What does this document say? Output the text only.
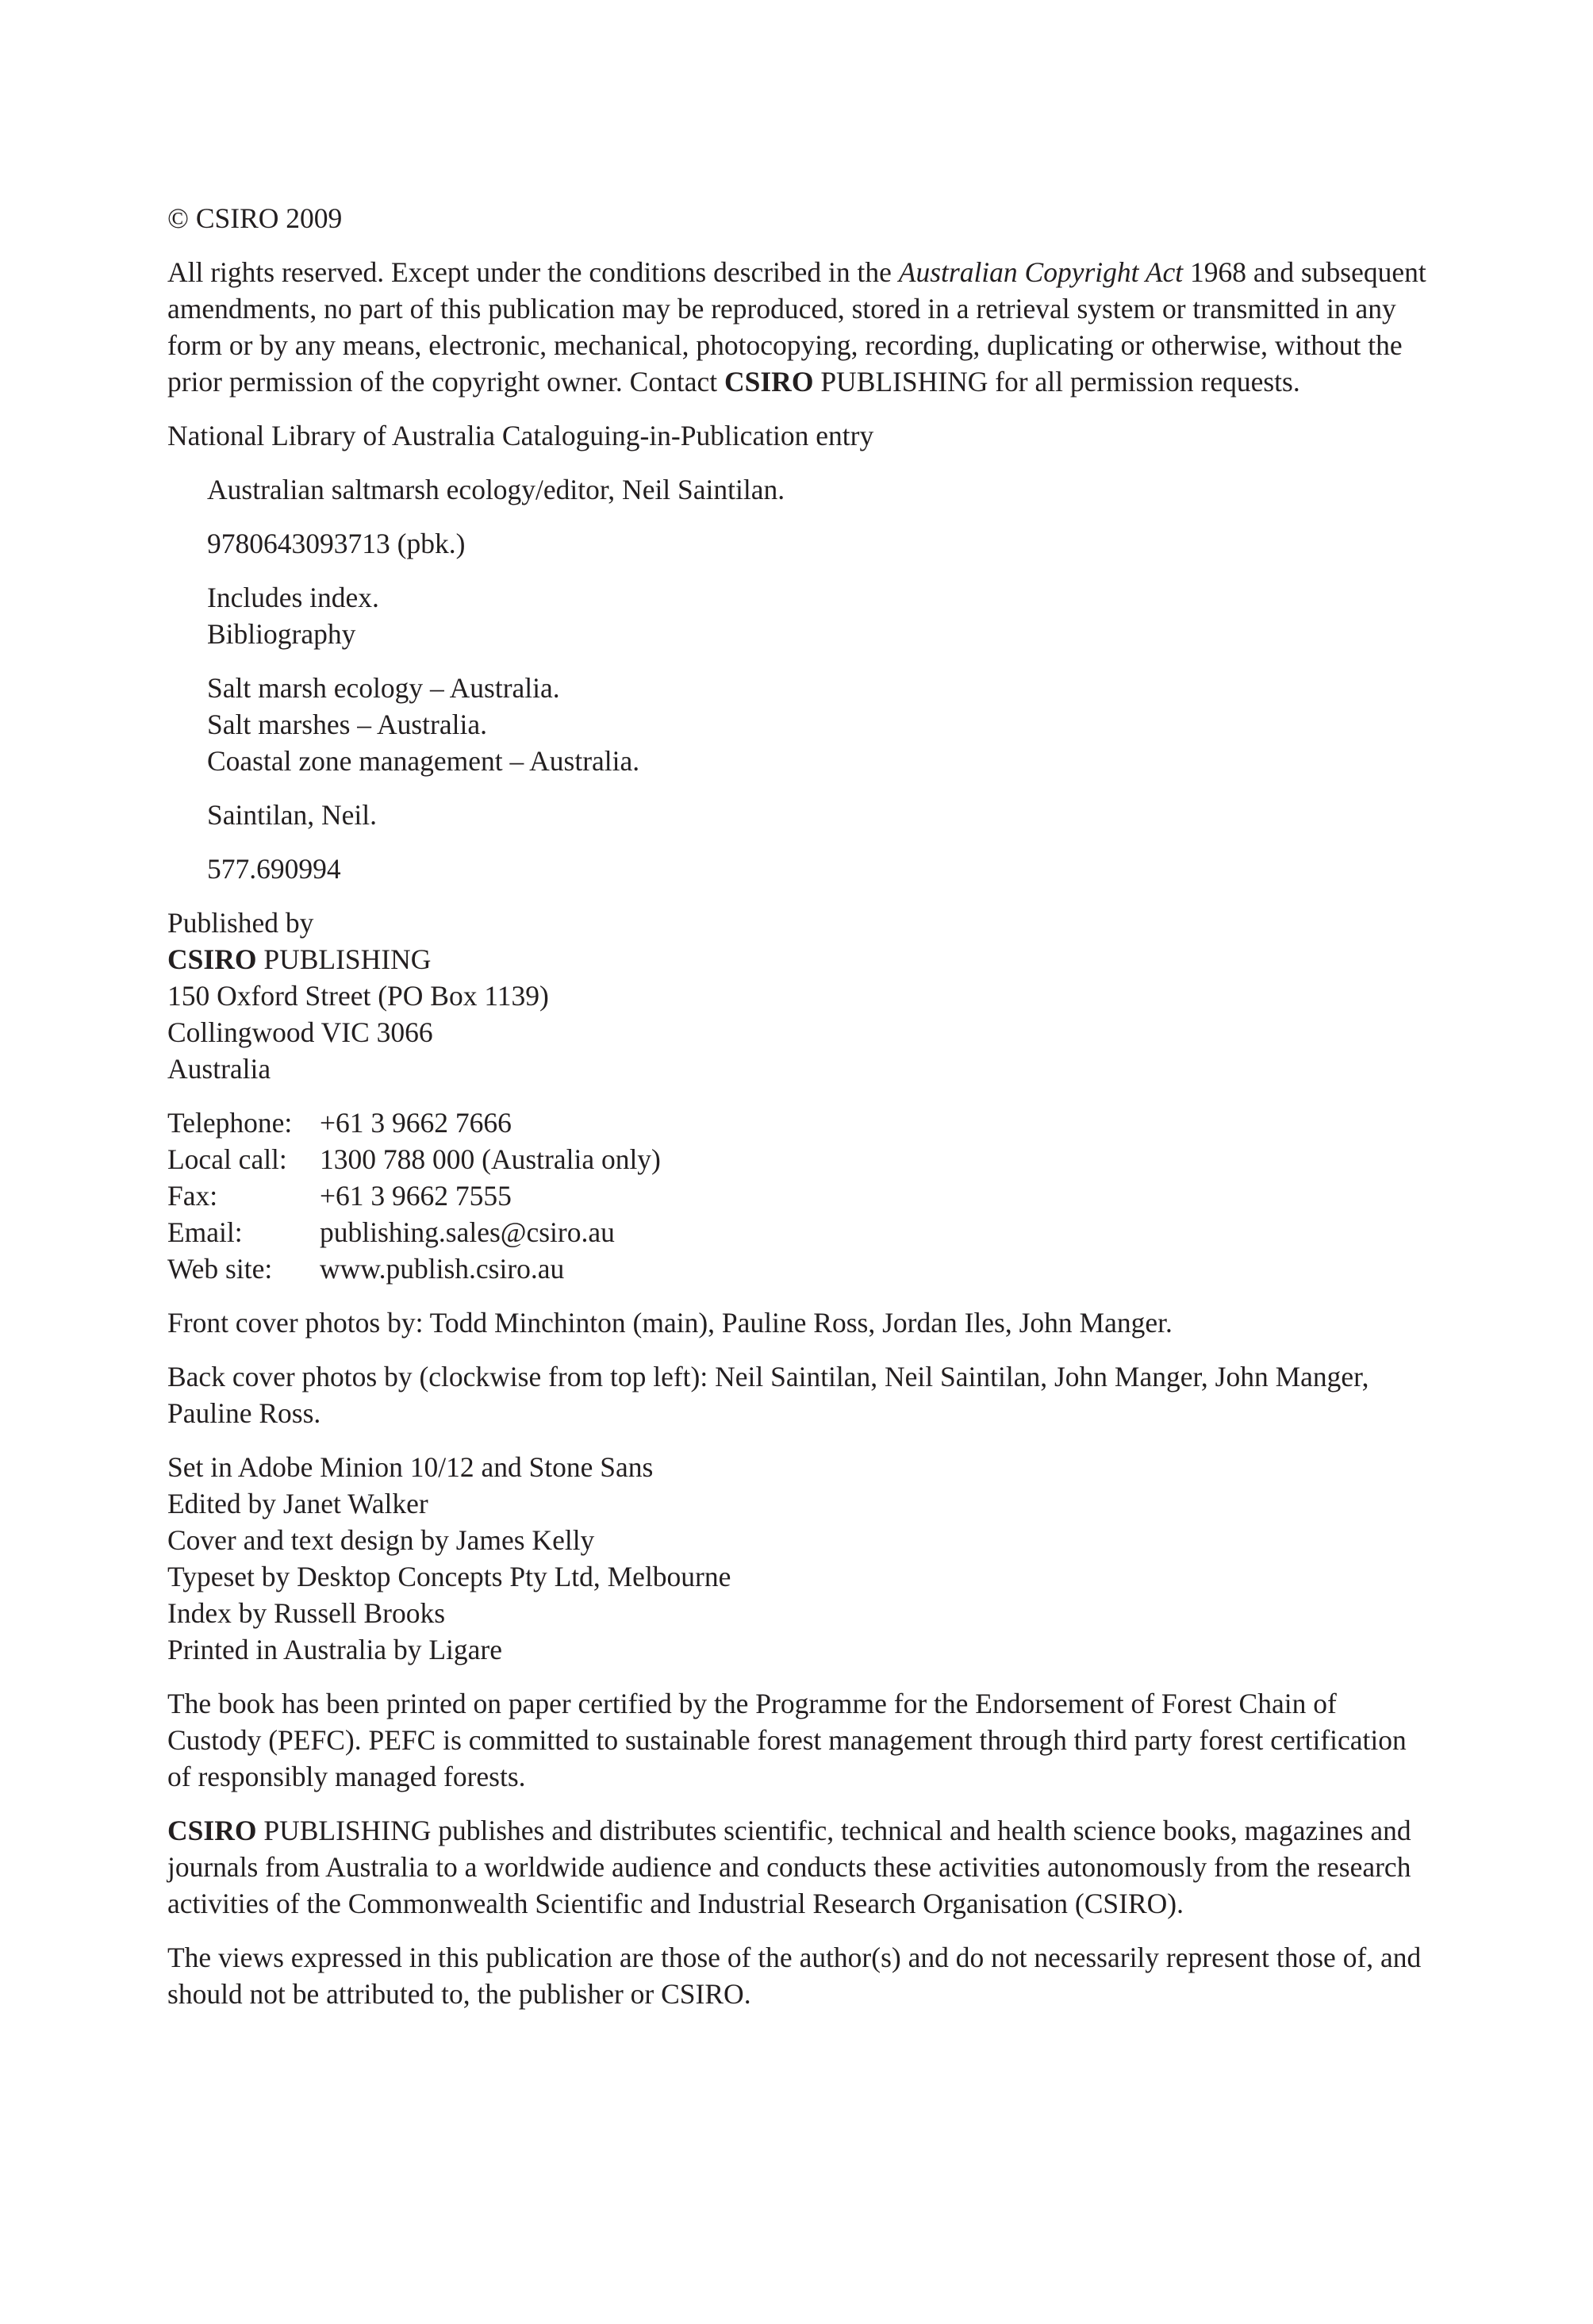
© CSIRO 2009

All rights reserved. Except under the conditions described in the Australian Copyright Act 1968 and subsequent amendments, no part of this publication may be reproduced, stored in a retrieval system or transmitted in any form or by any means, electronic, mechanical, photocopying, recording, duplicating or otherwise, without the prior permission of the copyright owner. Contact CSIRO PUBLISHING for all permission requests.

National Library of Australia Cataloguing-in-Publication entry

Australian saltmarsh ecology/editor, Neil Saintilan.

9780643093713 (pbk.)

Includes index.
Bibliography

Salt marsh ecology – Australia.
Salt marshes – Australia.
Coastal zone management – Australia.

Saintilan, Neil.

577.690994

Published by
CSIRO PUBLISHING
150 Oxford Street (PO Box 1139)
Collingwood VIC 3066
Australia

Telephone: +61 3 9662 7666
Local call:	1300 788 000 (Australia only)
Fax:	+61 3 9662 7555
Email:	publishing.sales@csiro.au
Web site:	www.publish.csiro.au

Front cover photos by: Todd Minchinton (main), Pauline Ross, Jordan Iles, John Manger.

Back cover photos by (clockwise from top left): Neil Saintilan, Neil Saintilan, John Manger, John Manger, Pauline Ross.

Set in Adobe Minion 10/12 and Stone Sans
Edited by Janet Walker
Cover and text design by James Kelly
Typeset by Desktop Concepts Pty Ltd, Melbourne
Index by Russell Brooks
Printed in Australia by Ligare

The book has been printed on paper certified by the Programme for the Endorsement of Forest Chain of Custody (PEFC). PEFC is committed to sustainable forest management through third party forest certification of responsibly managed forests.

CSIRO PUBLISHING publishes and distributes scientific, technical and health science books, magazines and journals from Australia to a worldwide audience and conducts these activities autonomously from the research activities of the Commonwealth Scientific and Industrial Research Organisation (CSIRO).

The views expressed in this publication are those of the author(s) and do not necessarily represent those of, and should not be attributed to, the publisher or CSIRO.
